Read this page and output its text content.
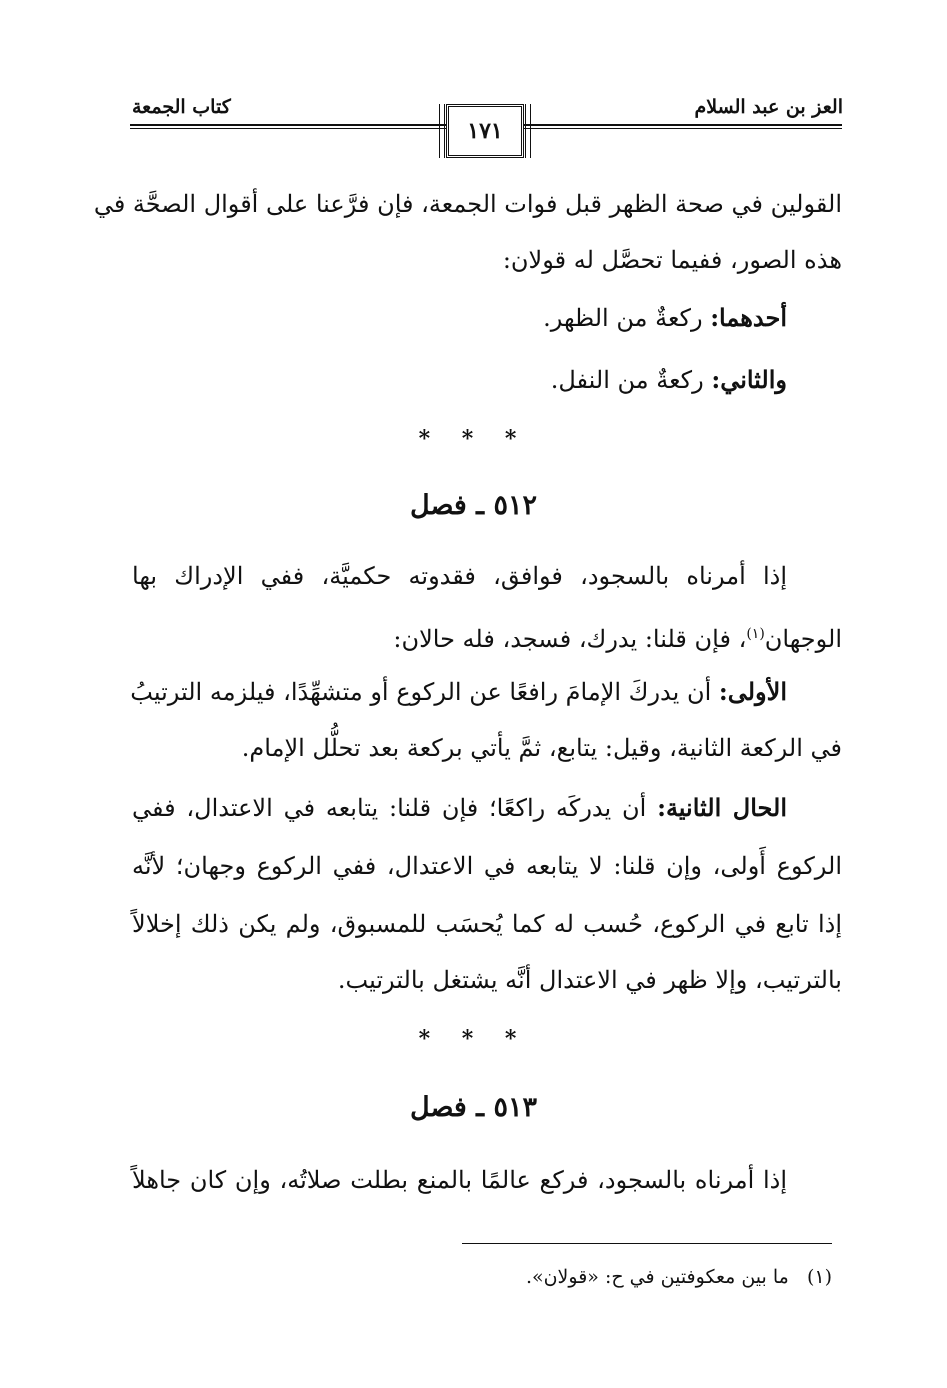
العز بن عبد السلام
كتاب الجمعة
١٧١
القولين في صحة الظهر قبل فوات الجمعة، فإن فرَّعنا على أقوال الصحَّة في
هذه الصور، ففيما تحصَّل له قولان:
أحدهما: ركعةٌ من الظهر.
والثاني: ركعةٌ من النفل.
* * *
٥١٢ ـ فصل
إذا أمرناه بالسجود، فوافق، فقدوته حكميَّة، ففي الإدراك بها
الوجهان$^{(١)}$، فإن قلنا: يدرك، فسجد، فله حالان:
الأولى: أن يدركَ الإمامَ رافعًا عن الركوع أو متشهِّدًا، فيلزمه الترتيبُ
في الركعة الثانية، وقيل: يتابع، ثمَّ يأتي بركعة بعد تحلُّل الإمام.
الحال الثانية: أن يدركَه راكعًا؛ فإن قلنا: يتابعه في الاعتدال، ففي
الركوع أَولى، وإن قلنا: لا يتابعه في الاعتدال، ففي الركوع وجهان؛ لأنَّه
إذا تابع في الركوع، حُسب له كما يُحسَب للمسبوق، ولم يكن ذلك إخلالاً
بالترتيب، وإلا ظهر في الاعتدال أنَّه يشتغل بالترتيب.
* * *
٥١٣ ـ فصل
إذا أمرناه بالسجود، فركع عالمًا بالمنع بطلت صلاتُه، وإن كان جاهلاً
(١)   ما بين معكوفتين في ح: «قولان».
